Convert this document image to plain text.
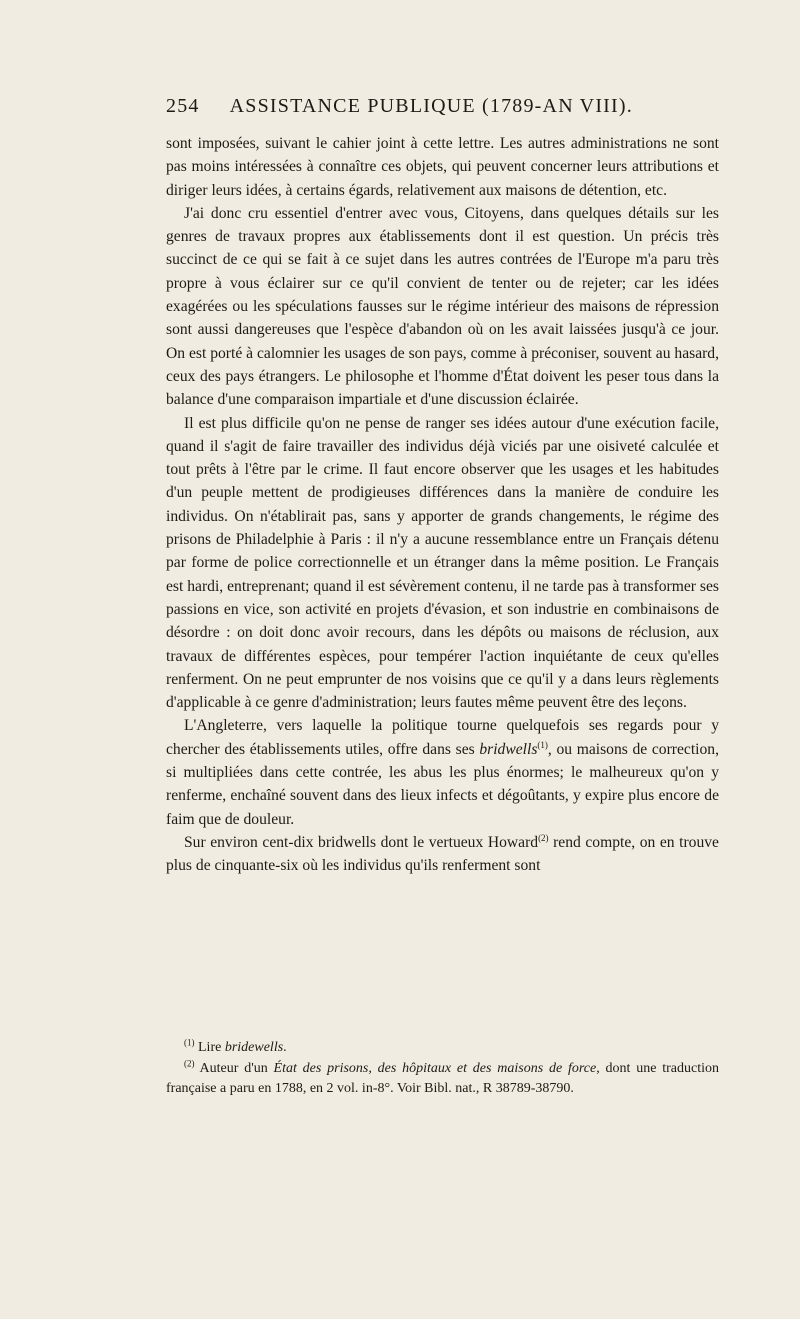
254 ASSISTANCE PUBLIQUE (1789-AN VIII).

sont imposées, suivant le cahier joint à cette lettre. Les autres administrations ne sont pas moins intéressées à connaître ces objets, qui peuvent concerner leurs attributions et diriger leurs idées, à certains égards, relativement aux maisons de détention, etc.

J'ai donc cru essentiel d'entrer avec vous, Citoyens, dans quelques détails sur les genres de travaux propres aux établissements dont il est question. Un précis très succinct de ce qui se fait à ce sujet dans les autres contrées de l'Europe m'a paru très propre à vous éclairer sur ce qu'il convient de tenter ou de rejeter; car les idées exagérées ou les spéculations fausses sur le régime intérieur des maisons de répression sont aussi dangereuses que l'espèce d'abandon où on les avait laissées jusqu'à ce jour. On est porté à calomnier les usages de son pays, comme à préconiser, souvent au hasard, ceux des pays étrangers. Le philosophe et l'homme d'État doivent les peser tous dans la balance d'une comparaison impartiale et d'une discussion éclairée.

Il est plus difficile qu'on ne pense de ranger ses idées autour d'une exécution facile, quand il s'agit de faire travailler des individus déjà viciés par une oisiveté calculée et tout prêts à l'être par le crime. Il faut encore observer que les usages et les habitudes d'un peuple mettent de prodigieuses différences dans la manière de conduire les individus. On n'établirait pas, sans y apporter de grands changements, le régime des prisons de Philadelphie à Paris : il n'y a aucune ressemblance entre un Français détenu par forme de police correctionnelle et un étranger dans la même position. Le Français est hardi, entreprenant; quand il est sévèrement contenu, il ne tarde pas à transformer ses passions en vice, son activité en projets d'évasion, et son industrie en combinaisons de désordre : on doit donc avoir recours, dans les dépôts ou maisons de réclusion, aux travaux de différentes espèces, pour tempérer l'action inquiétante de ceux qu'elles renferment. On ne peut emprunter de nos voisins que ce qu'il y a dans leurs règlements d'applicable à ce genre d'administration; leurs fautes même peuvent être des leçons.

L'Angleterre, vers laquelle la politique tourne quelquefois ses regards pour y chercher des établissements utiles, offre dans ses bridwells$^{(1)}$, ou maisons de correction, si multipliées dans cette contrée, les abus les plus énormes; le malheureux qu'on y renferme, enchaîné souvent dans des lieux infects et dégoûtants, y expire plus encore de faim que de douleur.

Sur environ cent-dix bridwells dont le vertueux Howard$^{(2)}$ rend compte, on en trouve plus de cinquante-six où les individus qu'ils renferment sont

$^{(1)}$ Lire bridewells.

$^{(2)}$ Auteur d'un État des prisons, des hôpitaux et des maisons de force, dont une traduction française a paru en 1788, en 2 vol. in-8°. Voir Bibl. nat., R 38789-38790.
